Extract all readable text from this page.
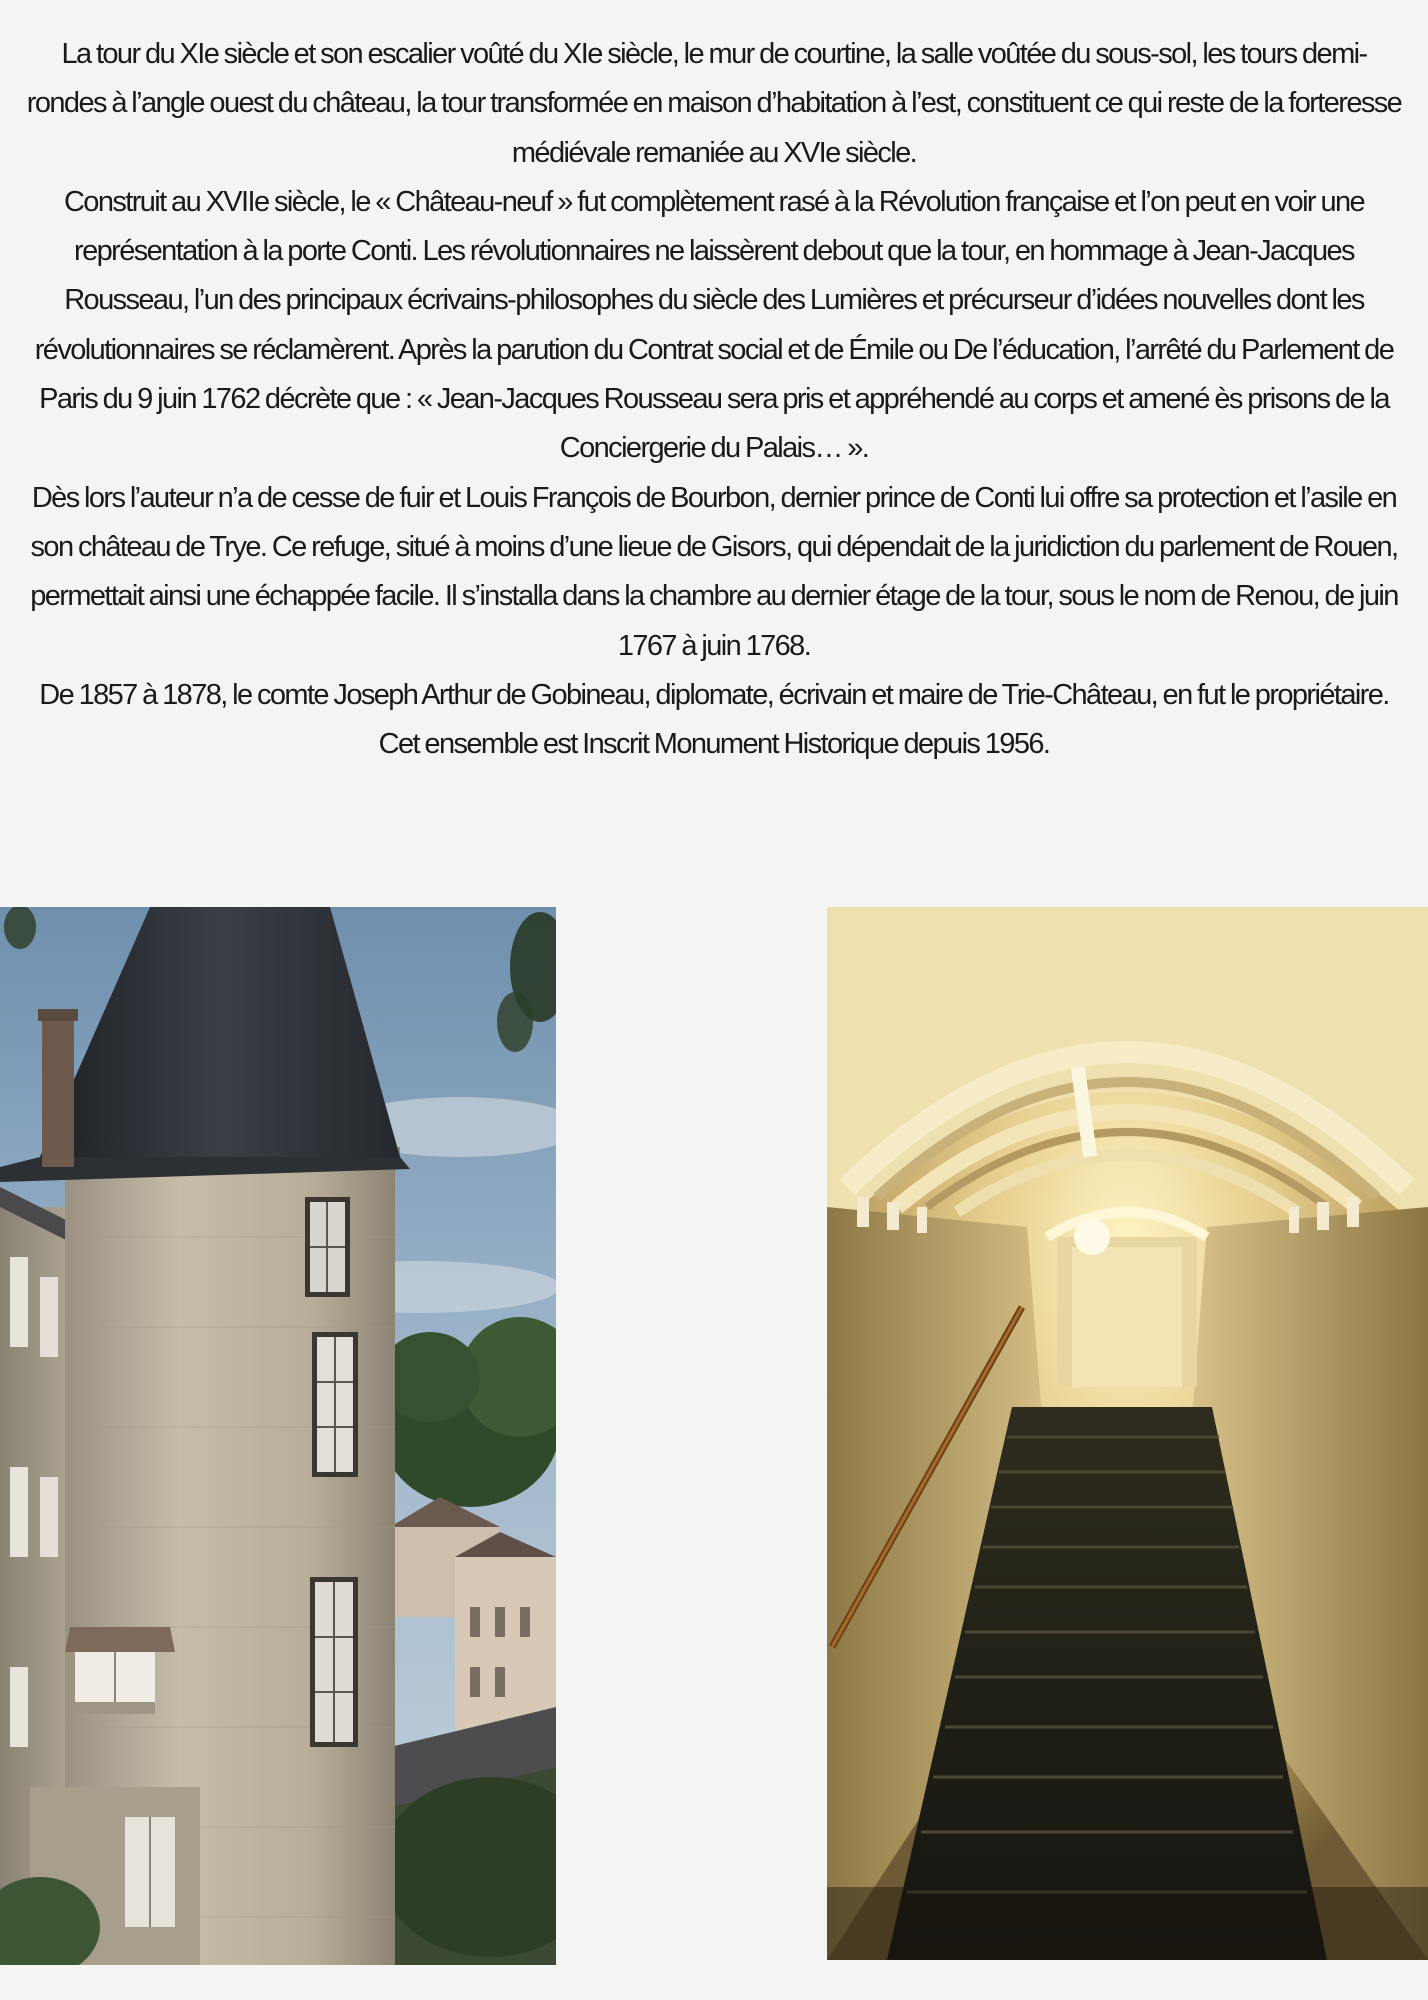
La tour du XIe siècle et son escalier voûté du XIe siècle, le mur de courtine, la salle voûtée du sous-sol, les tours demi-rondes à l’angle ouest du château, la tour transformée en maison d’habitation à l’est, constituent ce qui reste de la forteresse médiévale remaniée au XVIe siècle.

Construit au XVIIe siècle, le « Château-neuf » fut complètement rasé à la Révolution française et l’on peut en voir une représentation à la porte Conti. Les révolutionnaires ne laissèrent debout que la tour, en hommage à Jean-Jacques Rousseau, l’un des principaux écrivains-philosophes du siècle des Lumières et précurseur d’idées nouvelles dont les révolutionnaires se réclamèrent. Après la parution du Contrat social et de Émile ou De l’éducation, l’arrêté du Parlement de Paris du 9 juin 1762 décrète que : « Jean-Jacques Rousseau sera pris et appréhendé au corps et amené ès prisons de la Conciergerie du Palais… ».

Dès lors l’auteur n’a de cesse de fuir et Louis François de Bourbon, dernier prince de Conti lui offre sa protection et l’asile en son château de Trye. Ce refuge, situé à moins d’une lieue de Gisors, qui dépendait de la juridiction du parlement de Rouen, permettait ainsi une échappée facile. Il s’installa dans la chambre au dernier étage de la tour, sous le nom de Renou, de juin 1767 à juin 1768.

De 1857 à 1878, le comte Joseph Arthur de Gobineau, diplomate, écrivain et maire de Trie-Château, en fut le propriétaire.

Cet ensemble est Inscrit Monument Historique depuis 1956.
